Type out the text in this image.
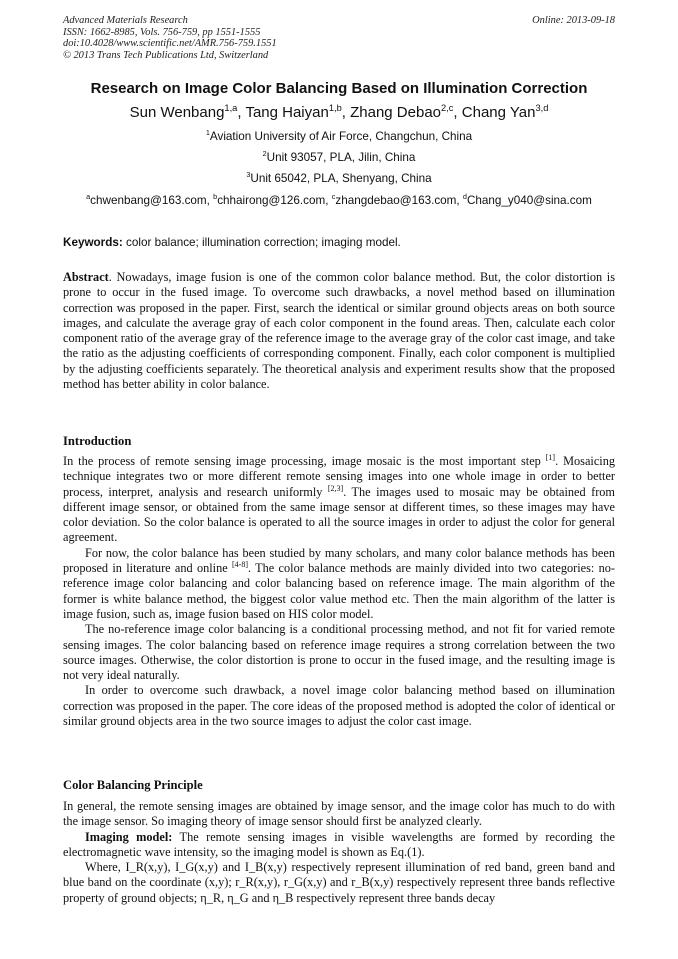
Advanced Materials Research
ISSN: 1662-8985, Vols. 756-759, pp 1551-1555
doi:10.4028/www.scientific.net/AMR.756-759.1551
© 2013 Trans Tech Publications Ltd, Switzerland
Online: 2013-09-18
Research on Image Color Balancing Based on Illumination Correction
Sun Wenbang$^{1,a}$, Tang Haiyan$^{1,b}$, Zhang Debao$^{2,c}$, Chang Yan$^{3,d}$
$^1$Aviation University of Air Force, Changchun, China
$^2$Unit 93057, PLA, Jilin, China
$^3$Unit 65042, PLA, Shenyang, China
$^a$chwenbang@163.com, $^b$chhairong@126.com, $^c$zhangdebao@163.com, $^d$Chang_y040@sina.com
Keywords: color balance; illumination correction; imaging model.

Abstract. Nowadays, image fusion is one of the common color balance method. But, the color distortion is prone to occur in the fused image. To overcome such drawbacks, a novel method based on illumination correction was proposed in the paper. First, search the identical or similar ground objects areas on both source images, and calculate the average gray of each color component in the found areas. Then, calculate each color component ratio of the average gray of the reference image to the average gray of the color cast image, and take the ratio as the adjusting coefficients of corresponding component. Finally, each color component is multiplied by the adjusting coefficients separately. The theoretical analysis and experiment results show that the proposed method has better ability in color balance.

Introduction

In the process of remote sensing image processing, image mosaic is the most important step [1]. Mosaicing technique integrates two or more different remote sensing images into one whole image in order to better process, interpret, analysis and research uniformly [2,3]. The images used to mosaic may be obtained from different image sensor, or obtained from the same image sensor at different times, so these images may have color deviation. So the color balance is operated to all the source images in order to adjust the color for general agreement.

For now, the color balance has been studied by many scholars, and many color balance methods has been proposed in literature and online [4-8]. The color balance methods are mainly divided into two categories: no-reference image color balancing and color balancing based on reference image. The main algorithm of the former is white balance method, the biggest color value method etc. Then the main algorithm of the latter is image fusion, such as, image fusion based on HIS color model.

The no-reference image color balancing is a conditional processing method, and not fit for varied remote sensing images. The color balancing based on reference image requires a strong correlation between the two source images. Otherwise, the color distortion is prone to occur in the fused image, and the resulting image is not very ideal naturally.

In order to overcome such drawback, a novel image color balancing method based on illumination correction was proposed in the paper. The core ideas of the proposed method is adopted the color of identical or similar ground objects area in the two source images to adjust the color cast image.

Color Balancing Principle

In general, the remote sensing images are obtained by image sensor, and the image color has much to do with the image sensor. So imaging theory of image sensor should first be analyzed clearly.

Imaging model: The remote sensing images in visible wavelengths are formed by recording the electromagnetic wave intensity, so the imaging model is shown as Eq.(1).

Where, I_R(x,y), I_G(x,y) and I_B(x,y) respectively represent illumination of red band, green band and blue band on the coordinate (x,y); r_R(x,y), r_G(x,y) and r_B(x,y) respectively represent three bands reflective property of ground objects; η_R, η_G and η_B respectively represent three bands decay
